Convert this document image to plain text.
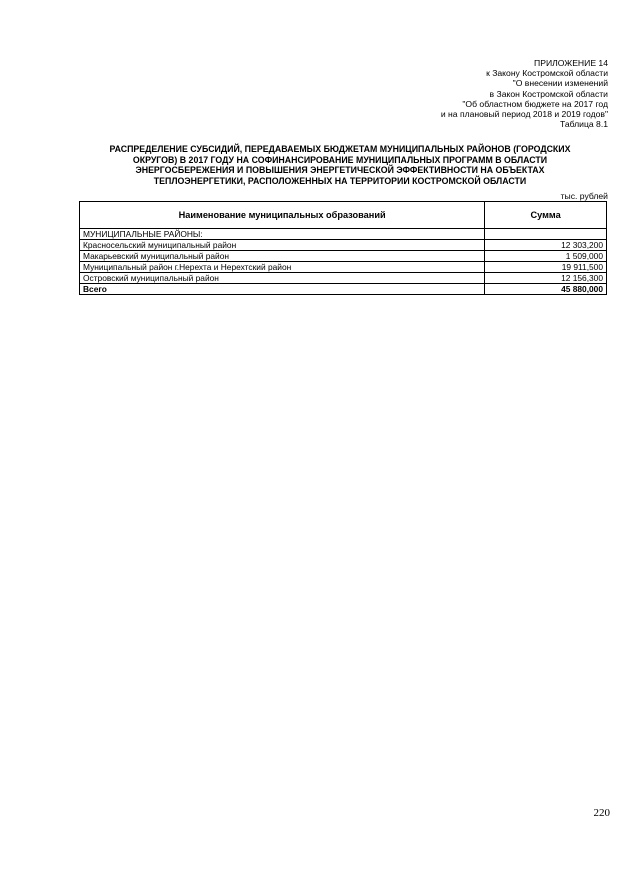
ПРИЛОЖЕНИЕ 14
к Закону Костромской области
"О внесении изменений
в Закон Костромской области
"Об областном бюджете на 2017 год
и на плановый период 2018 и 2019 годов"
Таблица 8.1
РАСПРЕДЕЛЕНИЕ СУБСИДИЙ, ПЕРЕДАВАЕМЫХ БЮДЖЕТАМ МУНИЦИПАЛЬНЫХ РАЙОНОВ (ГОРОДСКИХ
ОКРУГОВ) В 2017 ГОДУ НА СОФИНАНСИРОВАНИЕ МУНИЦИПАЛЬНЫХ ПРОГРАММ В ОБЛАСТИ
ЭНЕРГОСБЕРЕЖЕНИЯ И ПОВЫШЕНИЯ ЭНЕРГЕТИЧЕСКОЙ ЭФФЕКТИВНОСТИ НА ОБЪЕКТАХ
ТЕПЛОЭНЕРГЕТИКИ, РАСПОЛОЖЕННЫХ НА ТЕРРИТОРИИ КОСТРОМСКОЙ ОБЛАСТИ
тыс. рублей
Наименование муниципальных образований	Сумма
МУНИЦИПАЛЬНЫЕ РАЙОНЫ:	
Красносельский муниципальный район	12 303,200
Макарьевский муниципальный район	1 509,000
Муниципальный район г.Нерехта и Нерехтский район	19 911,500
Островский муниципальный район	12 156,300
Всего	45 880,000
220
